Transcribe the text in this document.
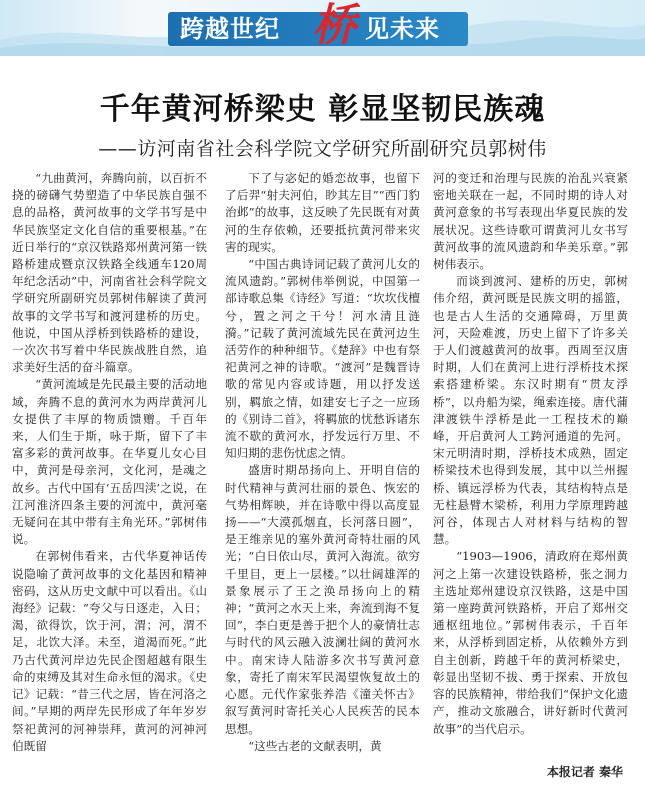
跨越世纪 桥 见未来
千年黄河桥梁史 彰显坚韧民族魂
——访河南省社会科学院文学研究所副研究员郭树伟

“九曲黄河，奔腾向前，以百折不挠的磅礴气势塑造了中华民族自强不息的品格，黄河故事的文学书写是中华民族坚定文化自信的重要根基。”在近日举行的“京汉铁路郑州黄河第一铁路桥建成暨京汉铁路全线通车120周年纪念活动”中，河南省社会科学院文学研究所副研究员郭树伟解读了黄河故事的文学书写和渡河建桥的历史。他说，中国从浮桥到铁路桥的建设，一次次书写着中华民族战胜自然，追求美好生活的奋斗篇章。

“黄河流域是先民最主要的活动地域，奔腾不息的黄河水为两岸黄河儿女提供了丰厚的物质馈赠。千百年来，人们生于斯，咏于斯，留下了丰富多彩的黄河故事。在华夏儿女心目中，黄河是母亲河，文化河，是魂之故乡。古代中国有‘五岳四渎’之说，在江河淮济四条主要的河流中，黄河毫无疑问在其中带有主角光环。”郭树伟说。

在郭树伟看来，古代华夏神话传说隐喻了黄河故事的文化基因和精神密码，这从历史文献中可以看出。《山海经》记载：“夸父与日逐走，入日；渴，欲得饮，饮于河，渭；河，渭不足，北饮大泽。未至，道渴而死。”此乃古代黄河岸边先民企图超越有限生命的束缚及其对生命永恒的渴求。《史记》记载：“昔三代之居，皆在河洛之间。”早期的两岸先民形成了年年岁岁祭祀黄河的河神崇拜，黄河的河神河伯既留

下了与宓妃的婚恋故事，也留下了后羿“射夫河伯，眇其左目”“西门豹治邺”的故事，这反映了先民既有对黄河的生存依赖，还要抵抗黄河带来灾害的现实。

“中国古典诗词记载了黄河儿女的流风遗韵。”郭树伟举例说，中国第一部诗歌总集《诗经》写道：“坎坎伐檀兮，置之河之干兮！河水清且涟漪。”记载了黄河流域先民在黄河边生活劳作的种种细节。《楚辞》中也有祭祀黄河之神的诗歌。“渡河”是魏晋诗歌的常见内容或诗题，用以抒发送别，羁旅之情，如建安七子之一应玚的《别诗二首》，将羁旅的忧愁诉诸东流不歇的黄河水，抒发远行万里、不知归期的悲伤忧虑之情。

盛唐时期昂扬向上、开明自信的时代精神与黄河壮丽的景色、恢宏的气势相辉映，并在诗歌中得以高度显扬——“大漠孤烟直，长河落日圆”，是王维亲见的塞外黄河奇特壮丽的风光；“白日依山尽，黄河入海流。欲穷千里目，更上一层楼。”以壮阔雄浑的景象展示了王之涣昂扬向上的精神；“黄河之水天上来，奔流到海不复回”，李白更是善于把个人的豪情壮志与时代的风云融入波澜壮阔的黄河水中。南宋诗人陆游多次书写黄河意象，寄托了南宋军民渴望恢复故土的心愿。元代作家张养浩《潼关怀古》叙写黄河时寄托关心人民疾苦的民本思想。

“这些古老的文献表明，黄

河的变迁和治理与民族的治乱兴衰紧密地关联在一起，不同时期的诗人对黄河意象的书写表现出华夏民族的发展状况。这些诗歌可谓黄河儿女书写黄河故事的流风遗韵和华美乐章。”郭树伟表示。

而谈到渡河、建桥的历史，郭树伟介绍，黄河既是民族文明的摇篮，也是古人生活的交通障碍，万里黄河，天险难渡，历史上留下了许多关于人们渡越黄河的故事。西周至汉唐时期，人们在黄河上进行浮桥技术探索搭建桥梁。东汉时期有“贯友浮桥”，以舟船为梁，绳索连接。唐代蒲津渡铁牛浮桥是此一工程技术的巅峰，开启黄河人工跨河通道的先河。宋元明清时期，浮桥技术成熟，固定桥梁技术也得到发展，其中以兰州握桥、镇远浮桥为代表，其结构特点是无柱悬臂木梁桥，利用力学原理跨越河谷，体现古人对材料与结构的智慧。

“1903—1906，清政府在郑州黄河之上第一次建设铁路桥，张之洞力主选址郑州建设京汉铁路，这是中国第一座跨黄河铁路桥，开启了郑州交通枢纽地位。”郭树伟表示，千百年来，从浮桥到固定桥，从依赖外方到自主创新，跨越千年的黄河桥梁史，彰显出坚韧不拔、勇于探索、开放包容的民族精神，带给我们“保护文化遗产，推动文旅融合，讲好新时代黄河故事”的当代启示。

本报记者 秦华
